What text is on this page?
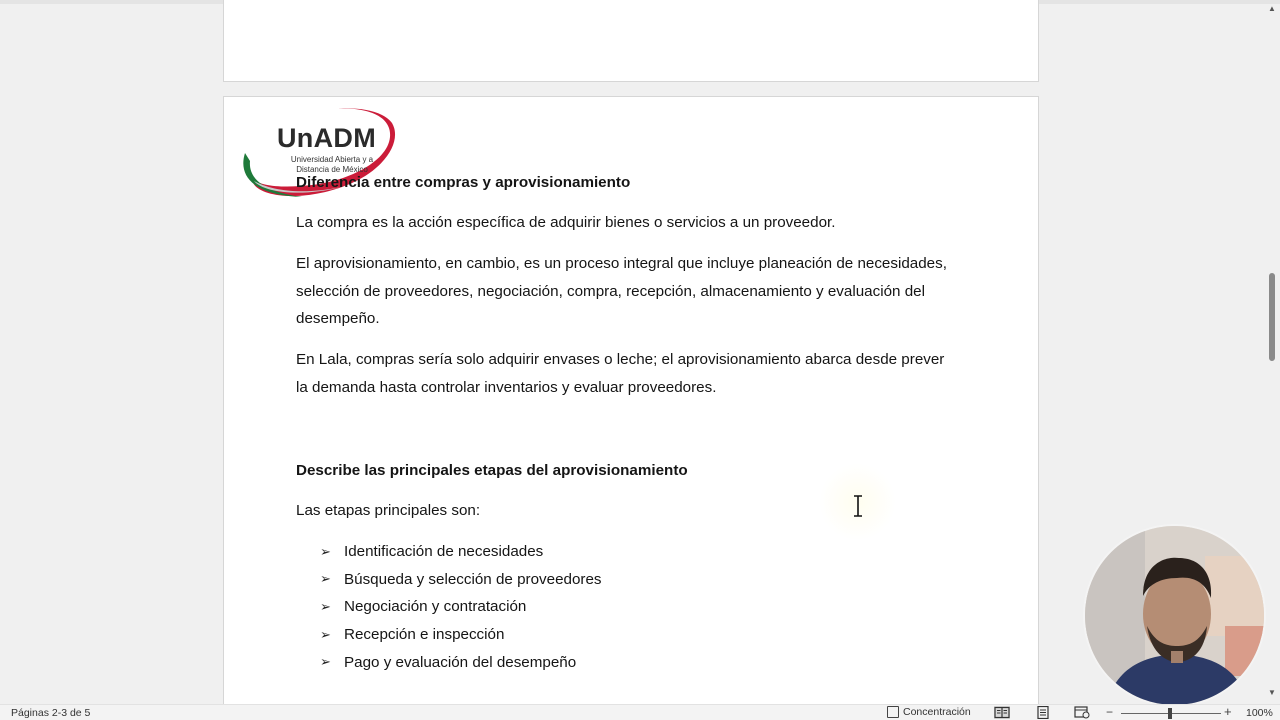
UnADM
Universidad Abierta y a Distancia de México
Diferencia entre compras y aprovisionamiento
La compra es la acción específica de adquirir bienes o servicios a un proveedor.
El aprovisionamiento, en cambio, es un proceso integral que incluye planeación de necesidades, selección de proveedores, negociación, compra, recepción, almacenamiento y evaluación del desempeño.
En Lala, compras sería solo adquirir envases o leche; el aprovisionamiento abarca desde prever la demanda hasta controlar inventarios y evaluar proveedores.
Describe las principales etapas del aprovisionamiento
Las etapas principales son:
➢ Identificación de necesidades
➢ Búsqueda y selección de proveedores
➢ Negociación y contratación
➢ Recepción e inspección
➢ Pago y evaluación del desempeño
▲
▼
Páginas 2-3 de 5	Concentración	−	+ 100%
